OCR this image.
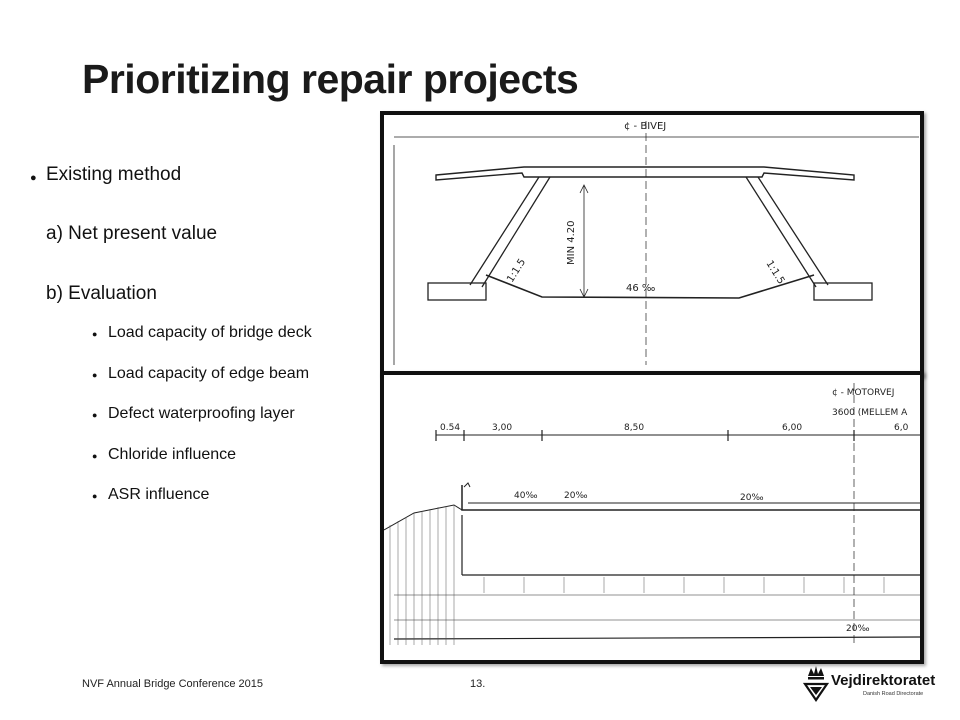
Prioritizing repair projects
● Existing method
a) Net present value
b) Evaluation
● Load capacity of bridge deck
● Load capacity of edge beam
● Defect waterproofing layer
● Chloride influence
● ASR influence
¢ - BIVEJ
MIN 4.20
1:1.5	1:1.5
46 ‰
¢ - MOTORVEJ
3600 (MELLEM A
0.54	3,00	8,50	6,00	6,0
40‰	20‰	20‰
20‰
NVF Annual Bridge Conference 2015	13.	Vejdirektoratet
Danish Road Directorate
